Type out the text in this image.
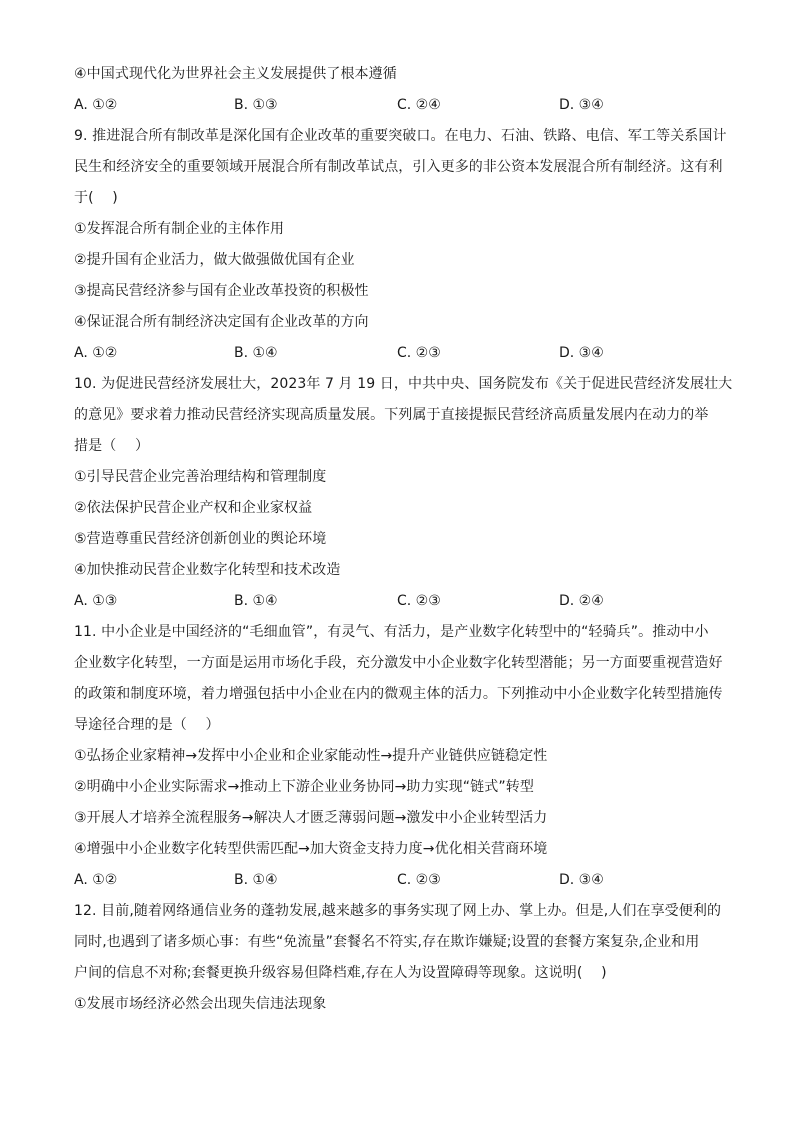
④中国式现代化为世界社会主义发展提供了根本遵循
A. ①②	B. ①③	C. ②④	D. ③④
9. 推进混合所有制改革是深化国有企业改革的重要突破口。在电力、石油、铁路、电信、军工等关系国计
民生和经济安全的重要领域开展混合所有制改革试点，引入更多的非公资本发展混合所有制经济。这有利
于(　 )
①发挥混合所有制企业的主体作用
②提升国有企业活力，做大做强做优国有企业
③提高民营经济参与国有企业改革投资的积极性
④保证混合所有制经济决定国有企业改革的方向
A. ①②	B. ①④	C. ②③	D. ③④
10. 为促进民营经济发展壮大，2023年 7 月 19 日，中共中央、国务院发布《关于促进民营经济发展壮大
的意见》要求着力推动民营经济实现高质量发展。下列属于直接提振民营经济高质量发展内在动力的举
措是（　 ）
①引导民营企业完善治理结构和管理制度
②依法保护民营企业产权和企业家权益
⑤营造尊重民营经济创新创业的舆论环境
④加快推动民营企业数字化转型和技术改造
A. ①③	B. ①④	C. ②③	D. ②④
11. 中小企业是中国经济的“毛细血管”，有灵气、有活力，是产业数字化转型中的“轻骑兵”。推动中小
企业数字化转型，一方面是运用市场化手段，充分激发中小企业数字化转型潜能；另一方面要重视营造好
的政策和制度环境，着力增强包括中小企业在内的微观主体的活力。下列推动中小企业数字化转型措施传
导途径合理的是（　 ）
①弘扬企业家精神→发挥中小企业和企业家能动性→提升产业链供应链稳定性
②明确中小企业实际需求→推动上下游企业业务协同→助力实现“链式”转型
③开展人才培养全流程服务→解决人才匮乏薄弱问题→激发中小企业转型活力
④增强中小企业数字化转型供需匹配→加大资金支持力度→优化相关营商环境
A. ①②	B. ①④	C. ②③	D. ③④
12. 目前,随着网络通信业务的蓬勃发展,越来越多的事务实现了网上办、掌上办。但是,人们在享受便利的
同时,也遇到了诸多烦心事：有些“免流量”套餐名不符实,存在欺诈嫌疑;设置的套餐方案复杂,企业和用
户间的信息不对称;套餐更换升级容易但降档难,存在人为设置障碍等现象。这说明(　 )
①发展市场经济必然会出现失信违法现象
